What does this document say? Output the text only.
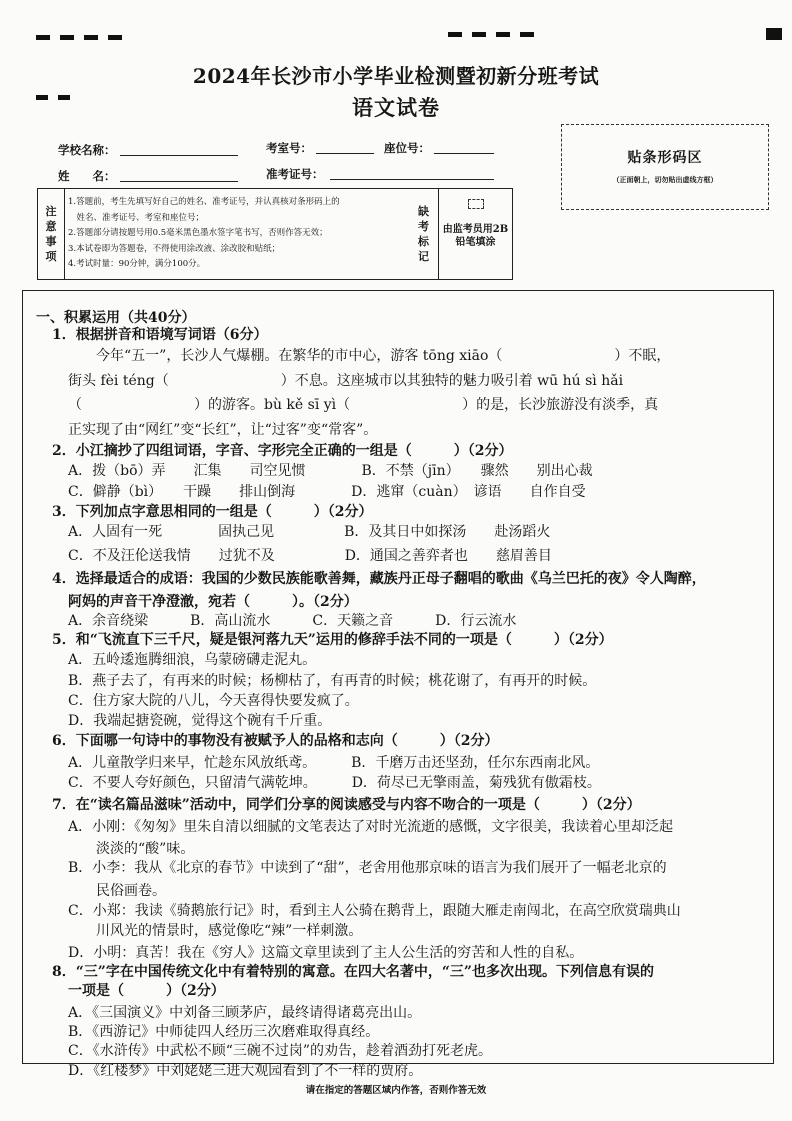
2024年长沙市小学毕业检测暨初新分班考试
语文试卷
学校名称：	考室号：	座位号：
姓　　名：	准考证号：
贴条形码区
（正面朝上，切勿贴出虚线方框）
注意事项
1.答题前，考生先填写好自己的姓名、准考证号，并认真核对条形码上的
　姓名、准考证号、考室和座位号；
2.答题部分请按题号用0.5毫米黑色墨水签字笔书写，否则作答无效；
3.本试卷即为答题卷，不得使用涂改液、涂改胶和贴纸；
4.考试时量：90分钟，满分100分。
缺考标记
由监考员用2B铅笔填涂
一、积累运用（共40分）
1．根据拼音和语境写词语（6分）
　　今年“五一”，长沙人气爆棚。在繁华的市中心，游客 tōng xiāo（　　　　　　　　）不眠，
街头 fèi téng（　　　　　　　　）不息。这座城市以其独特的魅力吸引着 wū hú sì hǎi
（　　　　　　　　）的游客。bù kě sī yì（　　　　　　　　）的是，长沙旅游没有淡季，真
正实现了由“网红”变“长红”，让“过客”变“常客”。
2．小江摘抄了四组词语，字音、字形完全正确的一组是（　　　）（2分）
A．拨（bō）弄　　汇集　　司空见惯　　　　B．不禁（jīn）　　骤然　　别出心裁
C．僻静（bì）　　干躁　　排山倒海　　　　D．逃窜（cuàn）　谚语　　自作自受
3．下列加点字意思相同的一组是（　　　）（2分）
A．人固有一死　　　　固执己见　　　　　B．及其日中如探汤　　赴汤蹈火
C．不及汪伦送我情　　过犹不及　　　　　D．通国之善弈者也　　慈眉善目
4．选择最适合的成语：我国的少数民族能歌善舞，藏族丹正母子翻唱的歌曲《乌兰巴托的夜》令人陶醉，
阿妈的声音干净澄澈，宛若（　　　）。（2分）
A．余音绕梁　　　B．高山流水　　　C．天籁之音　　　D．行云流水
5．和“飞流直下三千尺，疑是银河落九天”运用的修辞手法不同的一项是（　　　）（2分）
A．五岭逶迤腾细浪，乌蒙磅礴走泥丸。
B．燕子去了，有再来的时候；杨柳枯了，有再青的时候；桃花谢了，有再开的时候。
C．住方家大院的八儿，今天喜得快要发疯了。
D．我端起搪瓷碗，觉得这个碗有千斤重。
6．下面哪一句诗中的事物没有被赋予人的品格和志向（　　　）（2分）
A．儿童散学归来早，忙趁东风放纸鸢。　　　B．千磨万击还坚劲，任尔东西南北风。
C．不要人夸好颜色，只留清气满乾坤。　　　D．荷尽已无擎雨盖，菊残犹有傲霜枝。
7．在“读名篇品滋味”活动中，同学们分享的阅读感受与内容不吻合的一项是（　　　）（2分）
A．小刚：《匆匆》里朱自清以细腻的文笔表达了对时光流逝的感慨，文字很美，我读着心里却泛起
　　淡淡的“酸”味。
B．小李：我从《北京的春节》中读到了“甜”，老舍用他那京味的语言为我们展开了一幅老北京的
　　民俗画卷。
C．小郑：我读《骑鹅旅行记》时，看到主人公骑在鹅背上，跟随大雁走南闯北，在高空欣赏瑞典山
　　川风光的情景时，感觉像吃“辣”一样刺激。
D．小明：真苦！我在《穷人》这篇文章里读到了主人公生活的穷苦和人性的自私。
8．“三”字在中国传统文化中有着特别的寓意。在四大名著中，“三”也多次出现。下列信息有误的
一项是（　　　）（2分）
A．《三国演义》中刘备三顾茅庐，最终请得诸葛亮出山。
B．《西游记》中师徒四人经历三次磨难取得真经。
C．《水浒传》中武松不顾“三碗不过岗”的劝告，趁着酒劲打死老虎。
D．《红楼梦》中刘姥姥三进大观园看到了不一样的贾府。
请在指定的答题区域内作答，否则作答无效
